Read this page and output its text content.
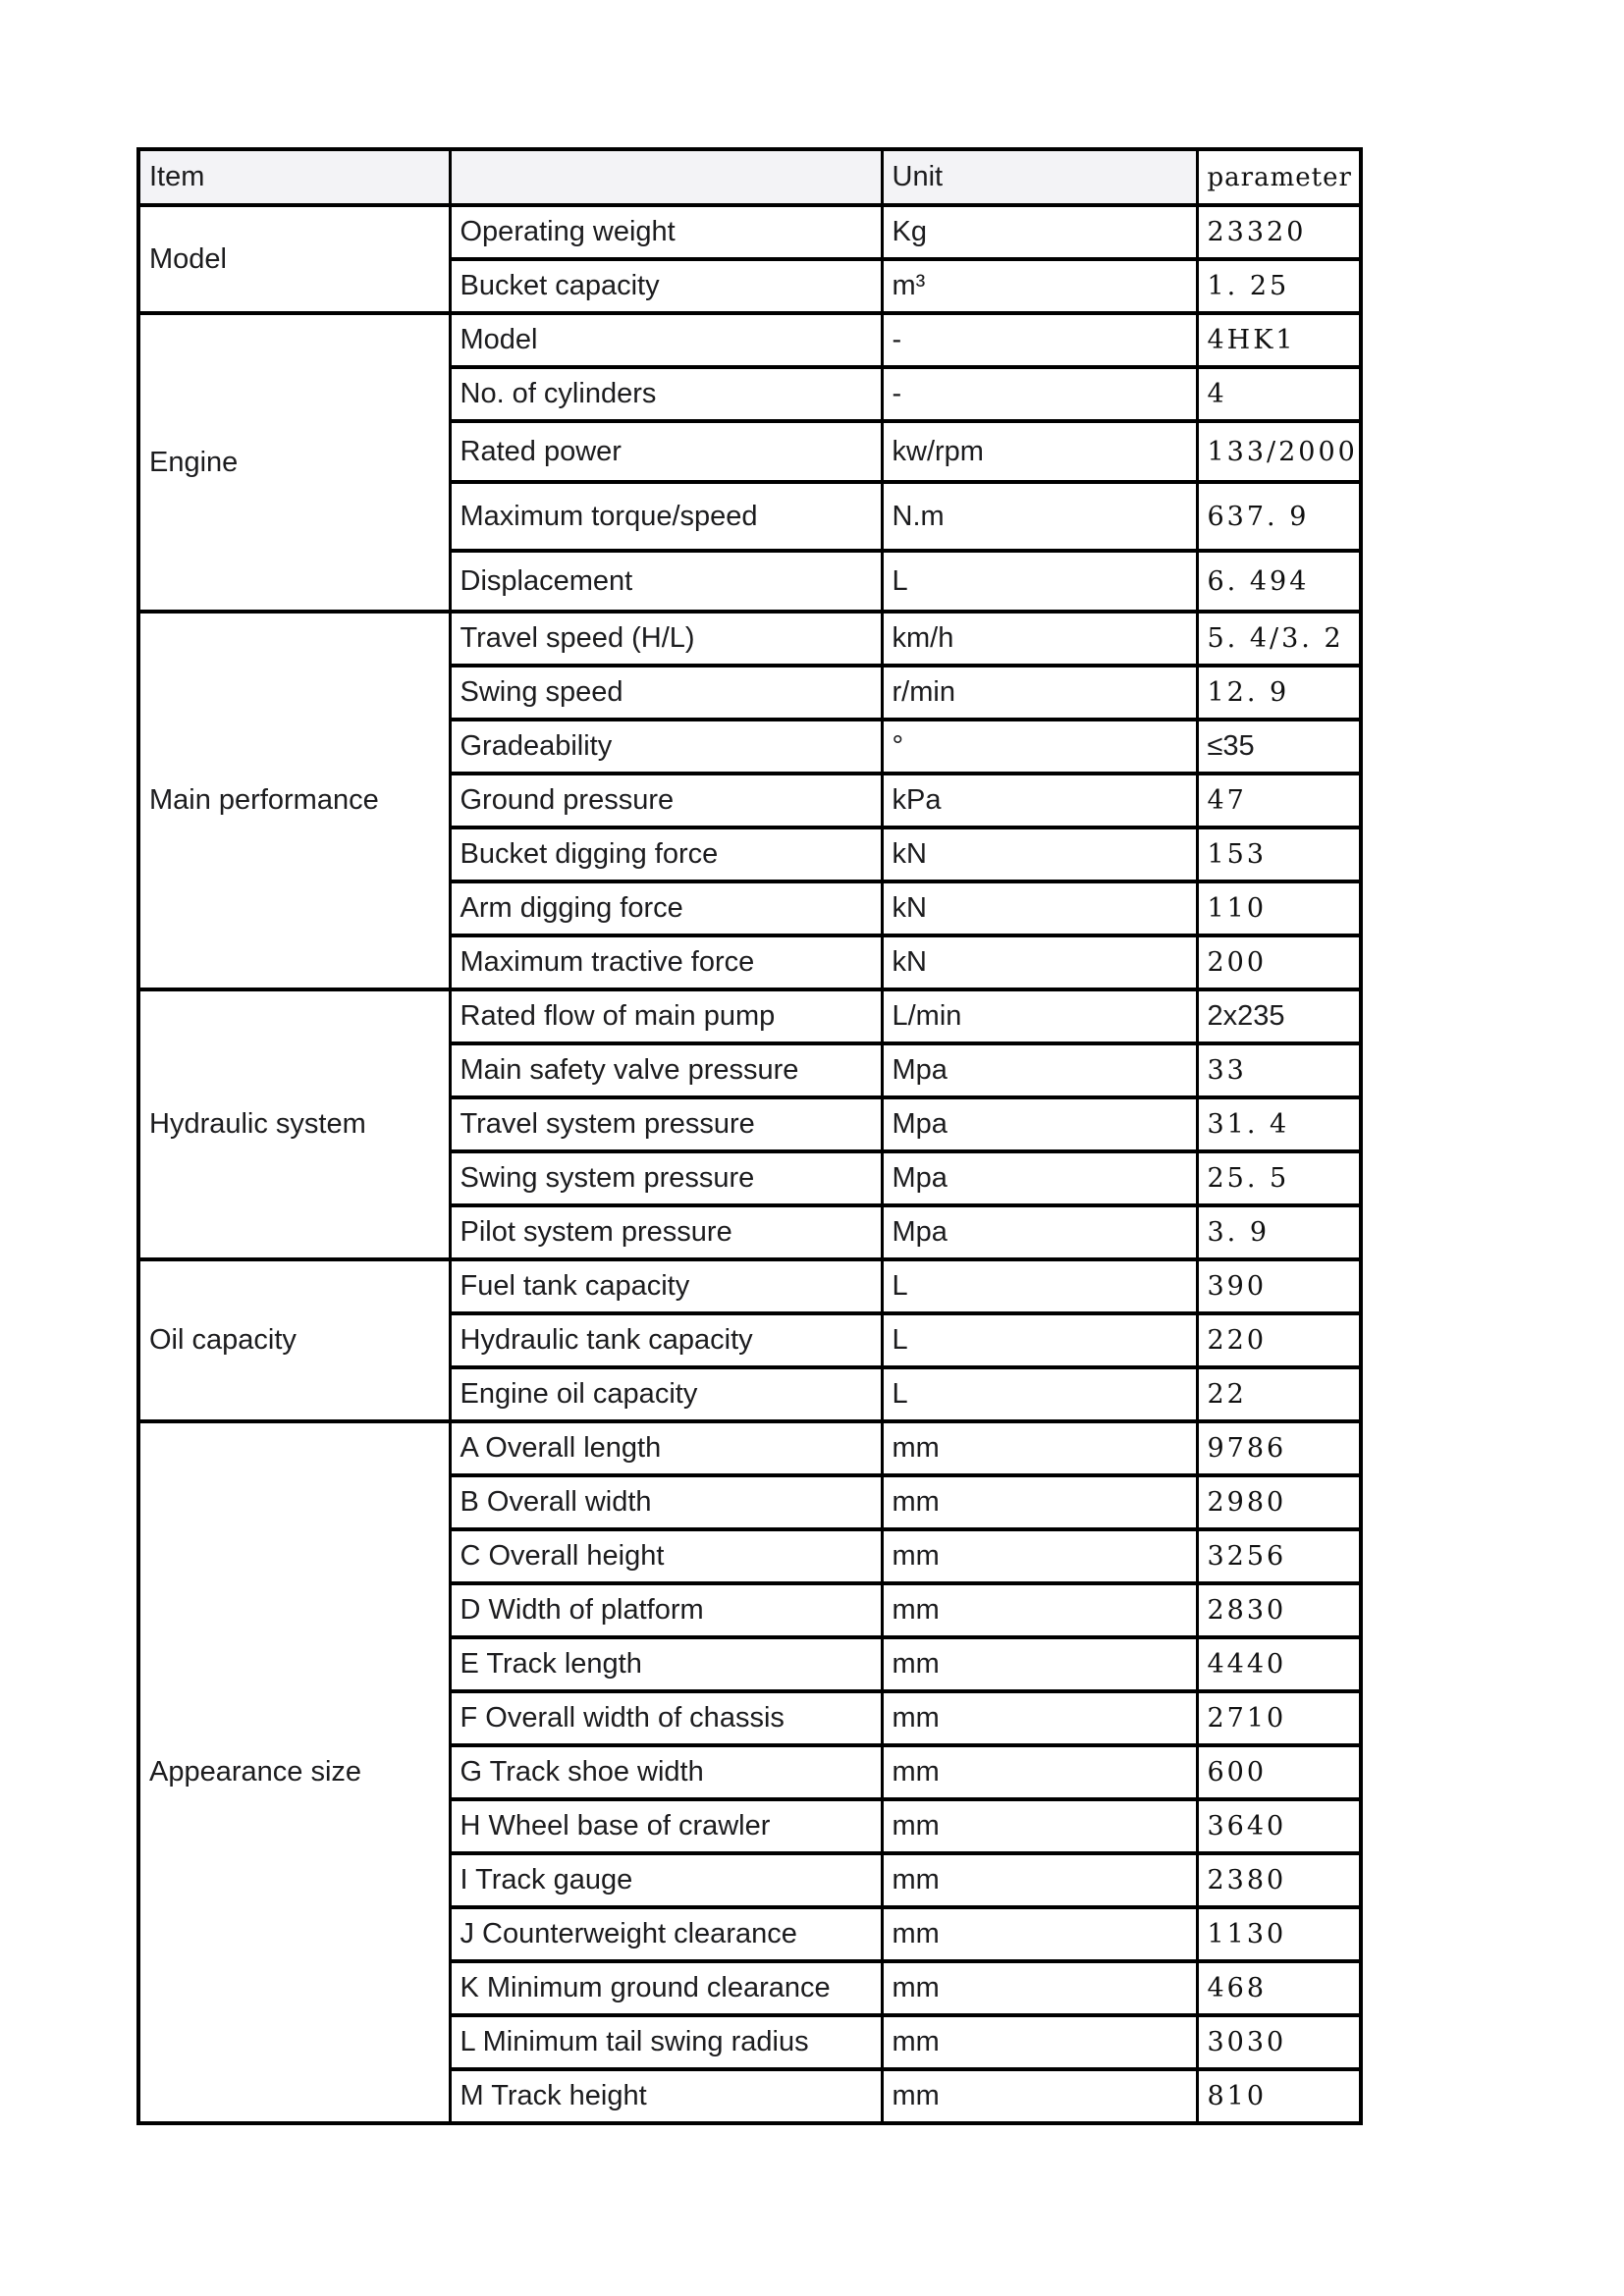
Item		Unit	parameter
Model	Operating weight	Kg	23320
	Bucket capacity	m³	1. 25
Engine	Model	-	4HK1
	No. of cylinders	-	4
	Rated power	kw/rpm	133/2000
	Maximum torque/speed	N.m	637. 9
	Displacement	L	6. 494
Main performance	Travel speed (H/L)	km/h	5. 4/3. 2
	Swing speed	r/min	12. 9
	Gradeability	°	≤35
	Ground pressure	kPa	47
	Bucket digging force	kN	153
	Arm digging force	kN	110
	Maximum tractive force	kN	200
Hydraulic system	Rated flow of main pump	L/min	2x235
	Main safety valve pressure	Mpa	33
	Travel system pressure	Mpa	31. 4
	Swing system pressure	Mpa	25. 5
	Pilot system pressure	Mpa	3. 9
Oil capacity	Fuel tank capacity	L	390
	Hydraulic tank capacity	L	220
	Engine oil capacity	L	22
Appearance size	A Overall length	mm	9786
	B Overall width	mm	2980
	C Overall height	mm	3256
	D Width of platform	mm	2830
	E Track length	mm	4440
	F Overall width of chassis	mm	2710
	G Track shoe width	mm	600
	H Wheel base of crawler	mm	3640
	I Track gauge	mm	2380
	J Counterweight clearance	mm	1130
	K Minimum ground clearance	mm	468
	L Minimum tail swing radius	mm	3030
	M Track height	mm	810
